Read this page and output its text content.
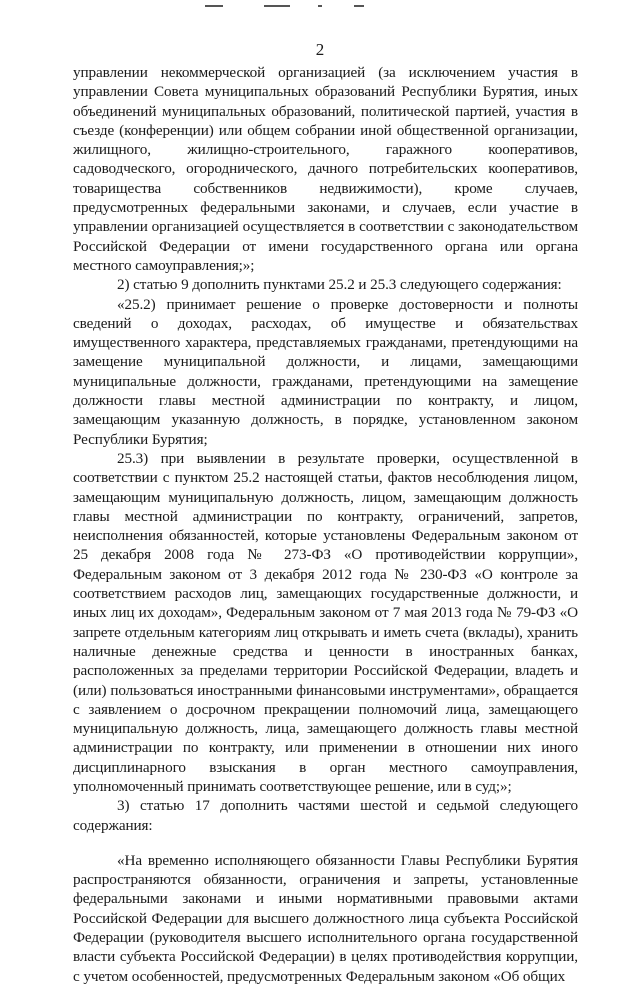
2

управлении некоммерческой организацией (за исключением участия в управлении Совета муниципальных образований Республики Бурятия, иных объединений муниципальных образований, политической партией, участия в съезде (конференции) или общем собрании иной общественной организации, жилищного, жилищно-строительного, гаражного кооперативов, садоводческого, огороднического, дачного потребительских кооперативов, товарищества собственников недвижимости), кроме случаев, предусмотренных федеральными законами, и случаев, если участие в управлении организацией осуществляется в соответствии с законодательством Российской Федерации от имени государственного органа или органа местного самоуправления;»;

2) статью 9 дополнить пунктами 25.2 и 25.3 следующего содержания:

«25.2) принимает решение о проверке достоверности и полноты сведений о доходах, расходах, об имуществе и обязательствах имущественного характера, представляемых гражданами, претендующими на замещение муниципальной должности, и лицами, замещающими муниципальные должности, гражданами, претендующими на замещение должности главы местной администрации по контракту, и лицом, замещающим указанную должность, в порядке, установленном законом Республики Бурятия;

25.3) при выявлении в результате проверки, осуществленной в соответствии с пунктом 25.2 настоящей статьи, фактов несоблюдения лицом, замещающим муниципальную должность, лицом, замещающим должность главы местной администрации по контракту, ограничений, запретов, неисполнения обязанностей, которые установлены Федеральным законом от 25 декабря 2008 года № 273-ФЗ «О противодействии коррупции», Федеральным законом от 3 декабря 2012 года № 230-ФЗ «О контроле за соответствием расходов лиц, замещающих государственные должности, и иных лиц их доходам», Федеральным законом от 7 мая 2013 года № 79-ФЗ «О запрете отдельным категориям лиц открывать и иметь счета (вклады), хранить наличные денежные средства и ценности в иностранных банках, расположенных за пределами территории Российской Федерации, владеть и (или) пользоваться иностранными финансовыми инструментами», обращается с заявлением о досрочном прекращении полномочий лица, замещающего муниципальную должность, лица, замещающего должность главы местной администрации по контракту, или применении в отношении них иного дисциплинарного взыскания в орган местного самоуправления, уполномоченный принимать соответствующее решение, или в суд;»;

3) статью 17 дополнить частями шестой и седьмой следующего содержания:

«На временно исполняющего обязанности Главы Республики Бурятия распространяются обязанности, ограничения и запреты, установленные федеральными законами и иными нормативными правовыми актами Российской Федерации для высшего должностного лица субъекта Российской Федерации (руководителя высшего исполнительного органа государственной власти субъекта Российской Федерации) в целях противодействия коррупции, с учетом особенностей, предусмотренных Федеральным законом «Об общих
